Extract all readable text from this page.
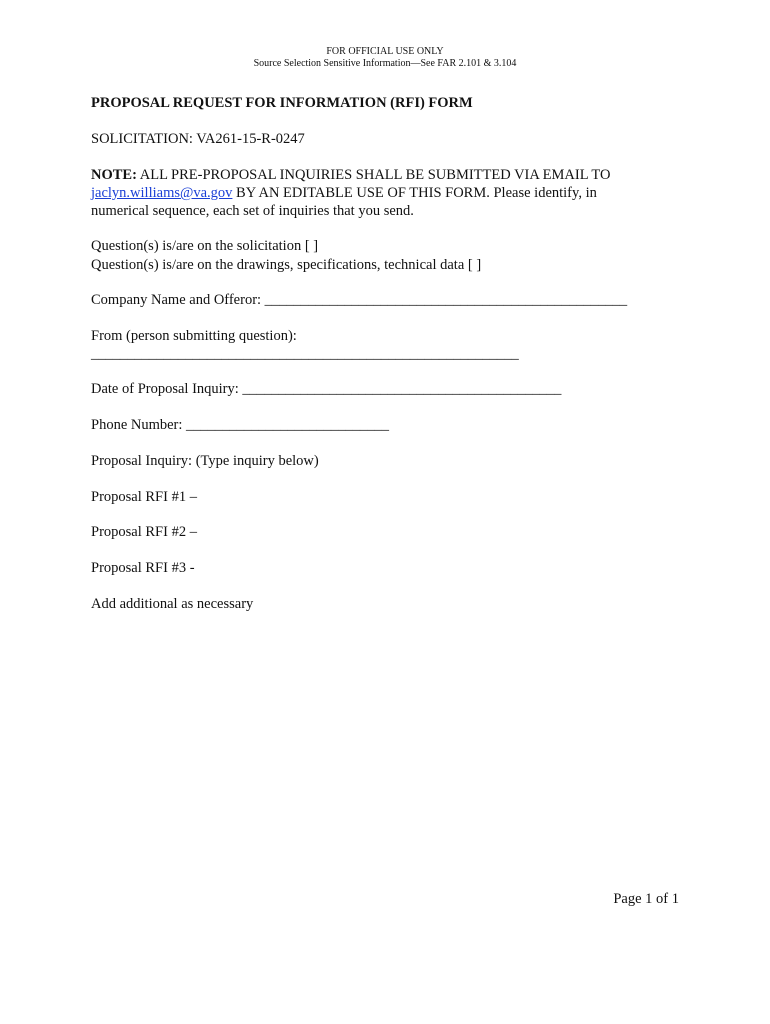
FOR OFFICIAL USE ONLY
Source Selection Sensitive Information—See FAR 2.101 & 3.104
PROPOSAL REQUEST FOR INFORMATION (RFI) FORM
SOLICITATION: VA261-15-R-0247
NOTE: ALL PRE-PROPOSAL INQUIRIES SHALL BE SUBMITTED VIA EMAIL TO
jaclyn.williams@va.gov BY AN EDITABLE USE OF THIS FORM. Please identify, in
numerical sequence, each set of inquiries that you send.
Question(s) is/are on the solicitation [ ]
Question(s) is/are on the drawings, specifications, technical data [ ]
Company Name and Offeror: __________________________________________________
From (person submitting question):
___________________________________________________________
Date of Proposal Inquiry: ____________________________________________
Phone Number: ____________________________
Proposal Inquiry: (Type inquiry below)
Proposal RFI #1 –
Proposal RFI #2 –
Proposal RFI #3 -
Add additional as necessary
Page 1 of 1
